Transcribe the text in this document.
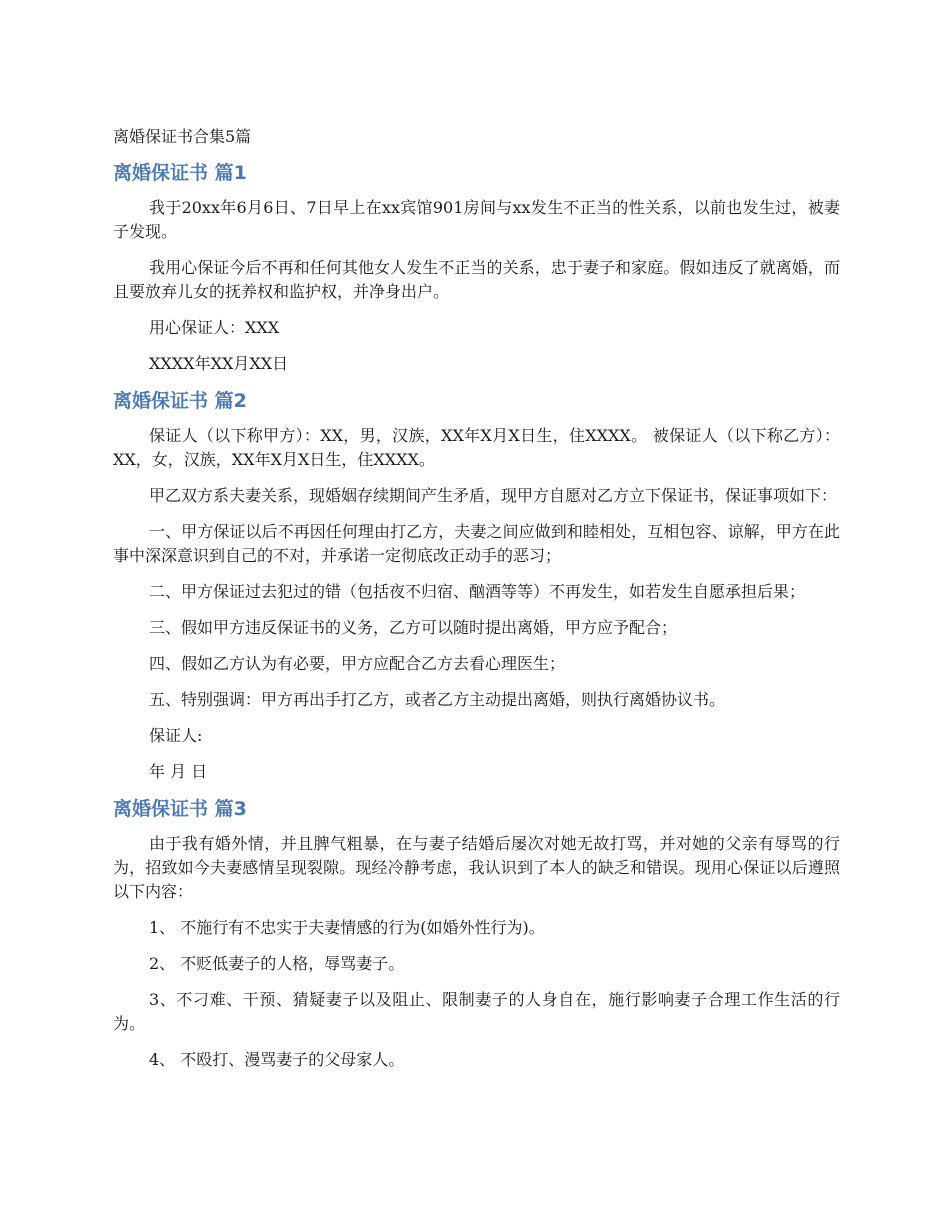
离婚保证书合集5篇
离婚保证书 篇1

我于20xx年6月6日、7日早上在xx宾馆901房间与xx发生不正当的性关系，以前也发生过，被妻子发现。

我用心保证今后不再和任何其他女人发生不正当的关系，忠于妻子和家庭。假如违反了就离婚，而且要放弃儿女的抚养权和监护权，并净身出户。

用心保证人：XXX

XXXX年XX月XX日

离婚保证书 篇2

保证人（以下称甲方）：XX，男，汉族，XX年X月X日生，住XXXX。 被保证人（以下称乙方）：XX，女，汉族，XX年X月X日生，住XXXX。

甲乙双方系夫妻关系，现婚姻存续期间产生矛盾，现甲方自愿对乙方立下保证书，保证事项如下：

一、甲方保证以后不再因任何理由打乙方，夫妻之间应做到和睦相处，互相包容、谅解，甲方在此事中深深意识到自己的不对，并承诺一定彻底改正动手的恶习；

二、甲方保证过去犯过的错（包括夜不归宿、酗酒等等）不再发生，如若发生自愿承担后果；

三、假如甲方违反保证书的义务，乙方可以随时提出离婚，甲方应予配合；

四、假如乙方认为有必要，甲方应配合乙方去看心理医生；

五、特别强调：甲方再出手打乙方，或者乙方主动提出离婚，则执行离婚协议书。

保证人:

年 月 日

离婚保证书 篇3

由于我有婚外情，并且脾气粗暴，在与妻子结婚后屡次对她无故打骂，并对她的父亲有辱骂的行为，招致如今夫妻感情呈现裂隙。现经冷静考虑，我认识到了本人的缺乏和错误。现用心保证以后遵照以下内容：

1、 不施行有不忠实于夫妻情感的行为(如婚外性行为)。

2、 不贬低妻子的人格，辱骂妻子。

3、不刁难、干预、猜疑妻子以及阻止、限制妻子的人身自在，施行影响妻子合理工作生活的行为。

4、 不殴打、漫骂妻子的父母家人。
